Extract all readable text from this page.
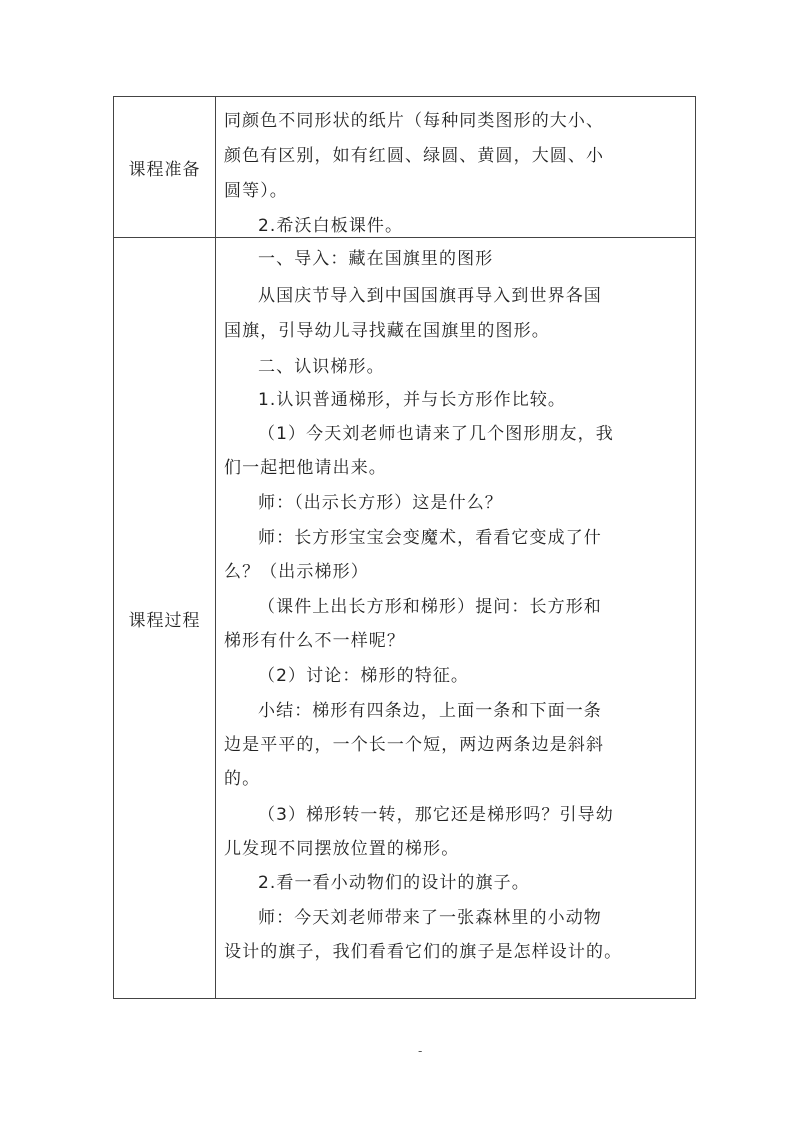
课程准备
同颜色不同形状的纸片（每种同类图形的大小、
颜色有区别，如有红圆、绿圆、黄圆，大圆、小
圆等）。
2.希沃白板课件。
课程过程
一、导入：藏在国旗里的图形
从国庆节导入到中国国旗再导入到世界各国
国旗，引导幼儿寻找藏在国旗里的图形。
二、认识梯形。
1.认识普通梯形，并与长方形作比较。
（1）今天刘老师也请来了几个图形朋友，我
们一起把他请出来。
师：（出示长方形）这是什么？
师：长方形宝宝会变魔术，看看它变成了什
么？（出示梯形）
（课件上出长方形和梯形）提问：长方形和
梯形有什么不一样呢？
（2）讨论：梯形的特征。
小结：梯形有四条边，上面一条和下面一条
边是平平的，一个长一个短，两边两条边是斜斜
的。
（3）梯形转一转，那它还是梯形吗？引导幼
儿发现不同摆放位置的梯形。
2.看一看小动物们的设计的旗子。
师：今天刘老师带来了一张森林里的小动物
设计的旗子，我们看看它们的旗子是怎样设计的。
-
